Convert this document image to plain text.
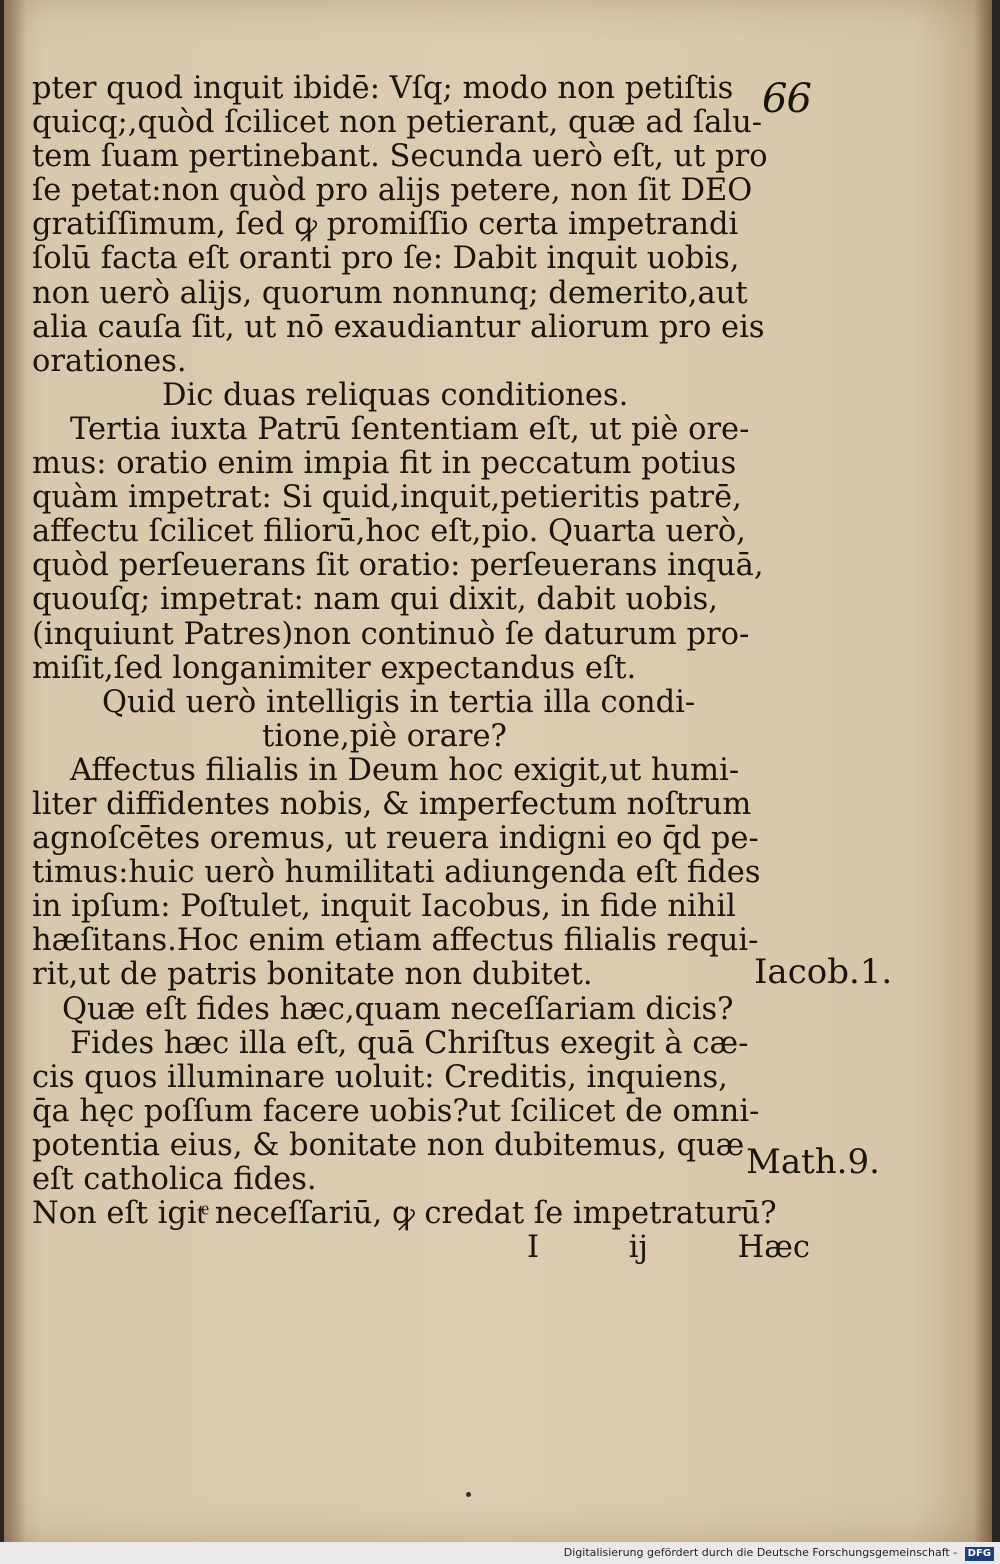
66
pter quod inquit ibidē: Vſq; modo non petiſtis
quicq;,quòd ſcilicet non petierant, quæ ad ſalu-
tem ſuam pertinebant. Secunda uerò eſt, ut pro
ſe petat:non quòd pro alijs petere, non ſit DEO
gratiſſimum, ſed ꝙ promiſſio certa impetrandi
ſolū facta eſt oranti pro ſe: Dabit inquit uobis,
non uerò alijs, quorum nonnunq; demerito,aut
alia cauſa ſit, ut nō exaudiantur aliorum pro eis
orationes.
Dic duas reliquas conditiones.
Tertia iuxta Patrū ſententiam eſt, ut piè ore-
mus: oratio enim impia fit in peccatum potius
quàm impetrat: Si quid,inquit,petieritis patrē,
affectu ſcilicet filiorū,hoc eſt,pio. Quarta uerò,
quòd perſeuerans ſit oratio: perſeuerans inquā,
quouſq; impetrat: nam qui dixit, dabit uobis,
(inquiunt Patres)non continuò ſe daturum pro-
miſit,ſed longanimiter expectandus eſt.
Quid uerò intelligis in tertia illa condi-
tione,piè orare?
Affectus filialis in Deum hoc exigit,ut humi-
liter diffidentes nobis, & imperfectum noſtrum
agnoſcētes oremus, ut reuera indigni eo q̄d pe-
timus:huic uerò humilitati adiungenda eſt fides
in ipſum: Poſtulet, inquit Iacobus, in fide nihil
hæſitans.Hoc enim etiam affectus filialis requi-
rit,ut de patris bonitate non dubitet.
Quæ eſt fides hæc,quam neceſſariam dicis?
Fides hæc illa eſt, quā Chriſtus exegit à cæ-
cis quos illuminare uoluit: Creditis, inquiens,
q̄a hęc poſſum facere uobis?ut ſcilicet de omni-
potentia eius, & bonitate non dubitemus, quæ
eſt catholica fides.
Non eſt igitͤ neceſſariū, ꝙ credat ſe impetraturū?
I ij Hæc
Iacob.1.
Math.9.
Digitalisierung gefördert durch die Deutsche Forschungsgemeinschaft - DFG
